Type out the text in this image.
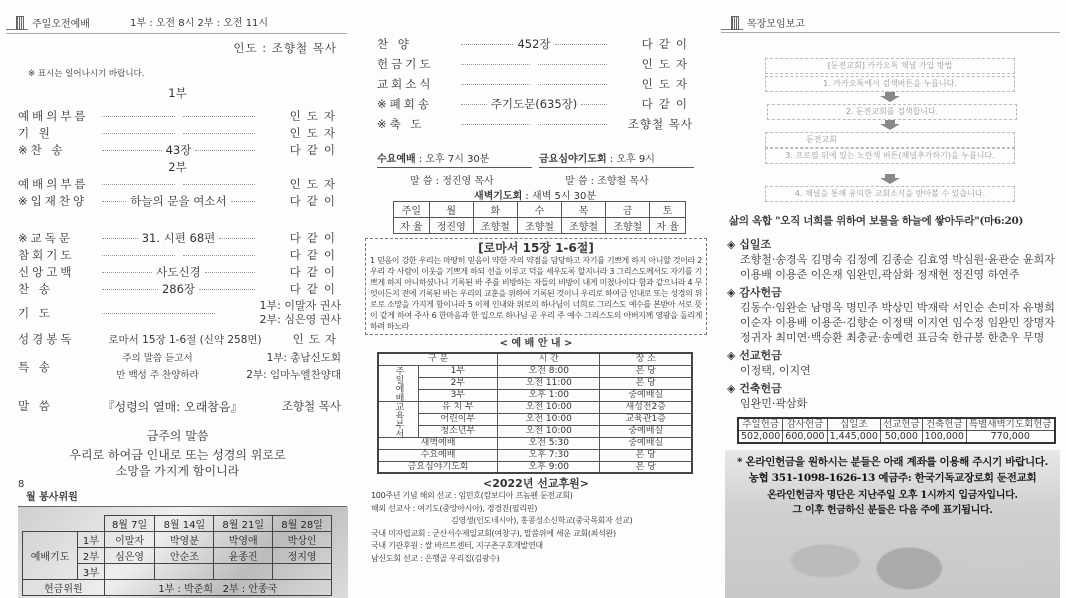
주일오전예배	1부 : 오전 8시 2부 : 오전 11시
인도 : 조향철 목사
※ 표시는 일어나시기 바랍니다.
1부
예배의부름	인도자
기 원	인도자
※찬 송	43장	다같이
2부
예배의부름	인도자
※입재찬양	하늘의 문을 여소서	다같이
※교독문	31. 시편 68편	다같이
참회기도	다같이
신앙고백	사도신경	다같이
찬 송	286장	다같이
기 도
1부: 이말자 권사
2부: 심은영 권사
성경봉독	로마서 15장 1-6절 (신약 258면)	인도자
특 송
주의 말씀 듣고서	1부: 총남신도회
만 백성 주 찬양하라	2부: 임마누엘찬양대
말 씀	『성령의 열매: 오래참음』	조향철 목사
금주의 말씀
우리로 하여금 인내로 또는 성경의 위로로
소망을 가지게 함이니라
8
월 봉사위원
		8월 7일	8월 14일	8월 21일	8월 28일
예배기도	1부	이말자	박영분	박영애	박상인
	2부	심은영	안순조	윤종진	정지영
	3부				
헌금위원		1부 : 박준희 2부 : 안종국			
찬 양	452장	다같이
헌금기도	인도자
교회소식	인도자
※폐회송	주기도문(635장)	다같이
※축 도	조향철 목사
수요예배 : 오후 7시 30분	금요심야기도회 : 오후 9시
말 씀 : 정진영 목사	말 씀 : 조향철 목사
새벽기도회 : 새벽 5시 30분
주일	월	화	수	목	금	토
자 율	정진영	조향철	조향철	조향철	조향철	자 율
[로마서 15장 1-6절]
1 믿음이 강한 우리는 마땅히 믿음이 약한 자의 약점을 담당하고 자기를 기쁘게 하지 아니할 것이라 2 우리 각 사람이 이웃을 기쁘게 하되 선을 이루고 덕을 세우도록 할지니라 3 그리스도께서도 자기를 기쁘게 하지 아니하셨나니 기록된 바 주를 비방하는 자들의 비방이 내게 미쳤나이다 함과 같으니라 4 무엇이든지 전에 기록된 바는 우리의 교훈을 위하여 기록된 것이니 우리로 하여금 인내로 또는 성경의 위로로 소망을 가지게 함이니라 5 이제 인내와 위로의 하나님이 너희로 그리스도 예수를 본받아 서로 뜻이 같게 하여 주사 6 한마음과 한 입으로 하나님 곧 우리 주 예수 그리스도의 아버지께 영광을 돌리게 하려 하노라
< 예 배 안 내 >
구 분		시 간	장 소
주일예배	1부	오전 8:00	본 당
	2부	오전 11:00	본 당
	3부	오후 1:00	중예배실
교육부서	유 치 부	오전 10:00	새성전2층
	어린이부	오전 10:00	교육관1층
	청소년부	오전 10:00	중예배실
새벽예배		오전 5:30	중예배실
수요예배		오후 7:30	본 당
금요심야기도회		오후 9:00	본 당
<2022년 선교후원>
100주년 기념 해외 선교 : 임민호(캄보디아 프놈펜 둔전교회)
해외 선교사 : 여기도(중앙아시아), 경경진(필리핀)
김영생(인도네시아), 홍콩성소신학교(중국목회자 선교)
국내 미자립교회 : 군산서수제일교회(여창구), 말씀위에 세운 교회(최석완)
국내 기관후원 : 쌀 바르트센터, 지구촌구호개발연대
남신도회 선교 : 은행골 우리집(김광수)
목장모임보고
[둔전교회] 카카오톡 채널 가입 방법
1. 카카오톡에서 검색버튼을 누릅니다.
2. 둔전교회를 검색합니다.
둔전교회
3. 프로필 뒤에 있는 노란색 버튼(채널추가하기)을 누릅니다.
4. 채널을 통해 유익한 교회소식을 받아볼 수 있습니다.
삶의 옥합 "오직 너희를 위하여 보물을 하늘에 쌓아두라"(마6:20)
◈ 십일조
조향철·송경옥 김명숙 김정예 김종순 김효영 박심원·윤관순 윤희자 이용배 이용준 이은재 임완민,곽삼화 정재현 정진영 하연주
◈ 감사헌금
김동수·임완순 남명옥 명민주 박상민 박재락 서인순 손미자 유병희 이순자 이용배 이용준·김향순 이정택 이지연 임수정 임완민 장명자 정귀자 최미연·백승환 최충균·송예련 표금숙 한규봉 한춘우 무명
◈ 선교헌금
이정택, 이지연
◈ 건축헌금
임완민·곽삼화
주일헌금	감사헌금	십일조	선교헌금	건축헌금	특별새벽기도회헌금
502,000	600,000	1,445,000	50,000	100,000	770,000
* 온라인헌금을 원하시는 분들은 아래 계좌를 이용해 주시기 바랍니다.
농협 351-1098-1626-13 예금주: 한국기독교장로회 둔전교회
온라인헌금자 명단은 지난주일 오후 1시까지 입금자입니다.
그 이후 헌금하신 분들은 다음 주에 표기됩니다.
